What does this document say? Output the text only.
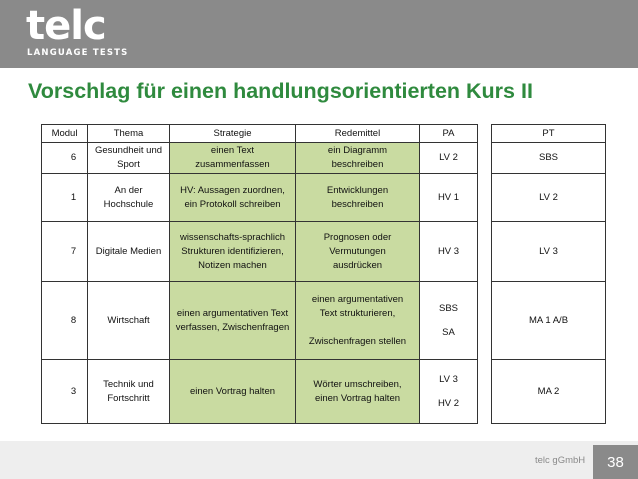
telc
LANGUAGE TESTS
Vorschlag für einen handlungsorientierten Kurs II
Modul	Thema	Strategie	Redemittel	PA		PT
6	Gesundheit und
Sport	einen Text
zusammenfassen	ein Diagramm
beschreiben	LV 2		SBS
1	An der
Hochschule	HV: Aussagen zuordnen,
ein Protokoll schreiben	Entwicklungen
beschreiben	HV 1		LV 2
7	Digitale Medien	wissenschafts-sprachlich
Strukturen identifizieren,
Notizen machen	Prognosen oder
Vermutungen
ausdrücken	HV 3		LV 3
8	Wirtschaft	einen argumentativen Text
verfassen, Zwischenfragen	einen argumentativen
Text strukturieren,

Zwischenfragen stellen	SBS
SA		MA 1 A/B
3	Technik und
Fortschritt	einen Vortrag halten	Wörter umschreiben,
einen Vortrag halten	LV 3
HV 2		MA 2
telc gGmbH	38
